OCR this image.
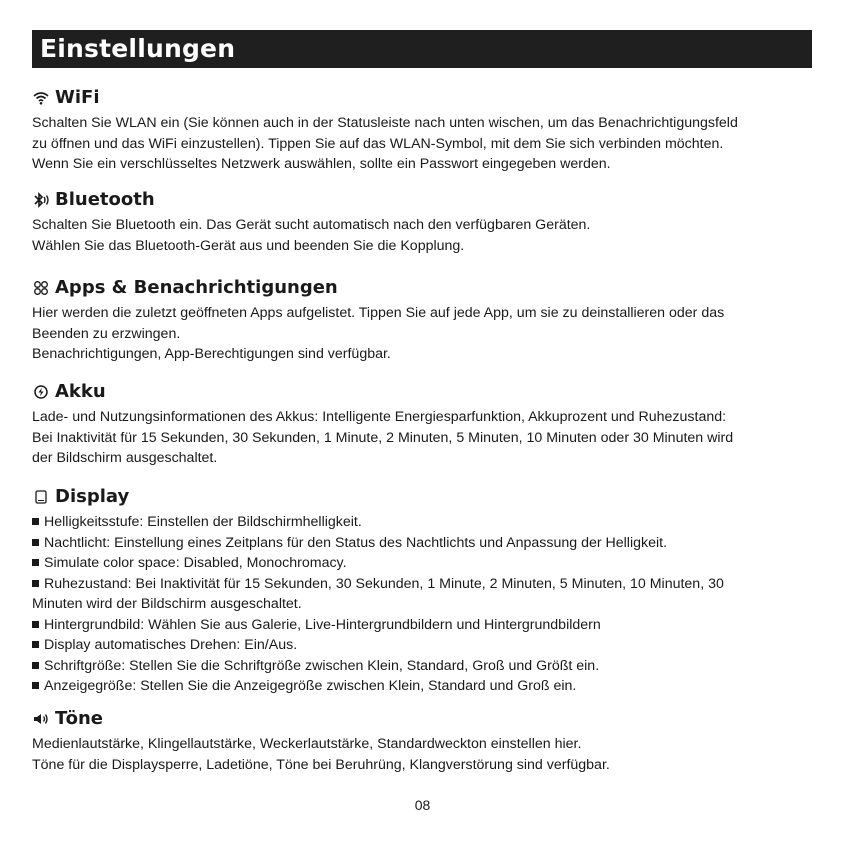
Einstellungen
WiFi

Schalten Sie WLAN ein (Sie können auch in der Statusleiste nach unten wischen, um das Benachrichtigungsfeld

zu öffnen und das WiFi einzustellen). Tippen Sie auf das WLAN-Symbol, mit dem Sie sich verbinden möchten.

Wenn Sie ein verschlüsseltes Netzwerk auswählen, sollte ein Passwort eingegeben werden.

Bluetooth

Schalten Sie Bluetooth ein. Das Gerät sucht automatisch nach den verfügbaren Geräten.

Wählen Sie das Bluetooth-Gerät aus und beenden Sie die Kopplung.

Apps & Benachrichtigungen

Hier werden die zuletzt geöffneten Apps aufgelistet. Tippen Sie auf jede App, um sie zu deinstallieren oder das

Beenden zu erzwingen.

Benachrichtigungen, App-Berechtigungen sind verfügbar.

Akku

Lade- und Nutzungsinformationen des Akkus: Intelligente Energiesparfunktion, Akkuprozent und Ruhezustand:

Bei Inaktivität für 15 Sekunden, 30 Sekunden, 1 Minute, 2 Minuten, 5 Minuten, 10 Minuten oder 30 Minuten wird

der Bildschirm ausgeschaltet.

Display
Helligkeitsstufe: Einstellen der Bildschirmhelligkeit.
Nachtlicht: Einstellung eines Zeitplans für den Status des Nachtlichts und Anpassung der Helligkeit.
Simulate color space: Disabled, Monochromacy.
Ruhezustand: Bei Inaktivität für 15 Sekunden, 30 Sekunden, 1 Minute, 2 Minuten, 5 Minuten, 10 Minuten, 30
Minuten wird der Bildschirm ausgeschaltet.
Hintergrundbild: Wählen Sie aus Galerie, Live-Hintergrundbildern und Hintergrundbildern
Display automatisches Drehen: Ein/Aus.
Schriftgröße: Stellen Sie die Schriftgröße zwischen Klein, Standard, Groß und Größt ein.
Anzeigegröße: Stellen Sie die Anzeigegröße zwischen Klein, Standard und Groß ein.
Töne

Medienlautstärke, Klingellautstärke, Weckerlautstärke, Standardweckton einstellen hier.

Töne für die Displaysperre, Ladetiöne, Töne bei Beruhrüng, Klangverstörung sind verfügbar.

08
